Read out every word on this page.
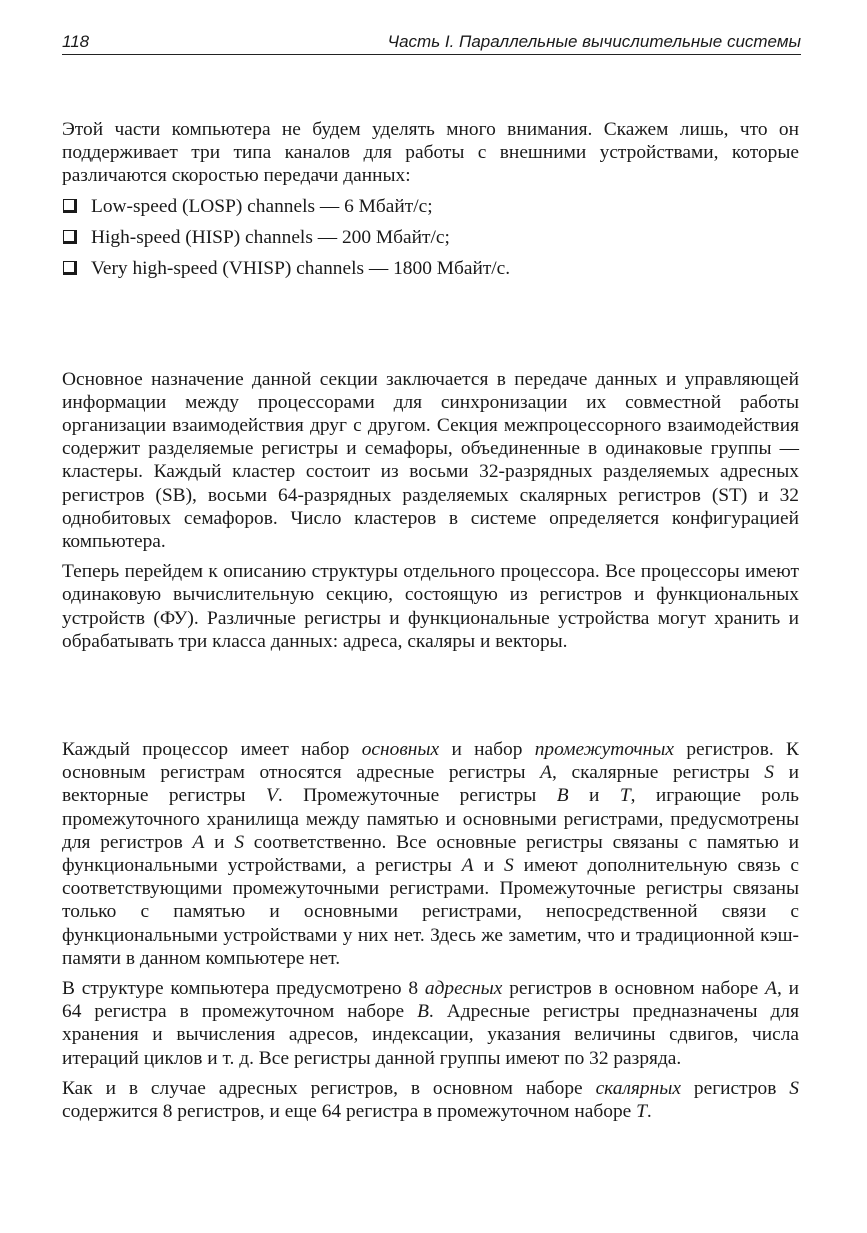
118	Часть I. Параллельные вычислительные системы

Этой части компьютера не будем уделять много внимания. Скажем лишь, что он поддерживает три типа каналов для работы с внешними устройствами, которые различаются скоростью передачи данных:

Low-speed (LOSP) channels — 6 Мбайт/с;
High-speed (HISP) channels — 200 Мбайт/с;
Very high-speed (VHISP) channels — 1800 Мбайт/с.

Основное назначение данной секции заключается в передаче данных и управляющей информации между процессорами для синхронизации их совместной работы организации взаимодействия друг с другом. Секция межпроцессорного взаимодействия содержит разделяемые регистры и семафоры, объединенные в одинаковые группы — кластеры. Каждый кластер состоит из восьми 32-разрядных разделяемых адресных регистров (SB), восьми 64-разрядных разделяемых скалярных регистров (ST) и 32 однобитовых семафоров. Число кластеров в системе определяется конфигурацией компьютера.

Теперь перейдем к описанию структуры отдельного процессора. Все процессоры имеют одинаковую вычислительную секцию, состоящую из регистров и функциональных устройств (ФУ). Различные регистры и функциональные устройства могут хранить и обрабатывать три класса данных: адреса, скаляры и векторы.

Каждый процессор имеет набор основных и набор промежуточных регистров. К основным регистрам относятся адресные регистры A, скалярные регистры S и векторные регистры V. Промежуточные регистры B и T, играющие роль промежуточного хранилища между памятью и основными регистрами, предусмотрены для регистров A и S соответственно. Все основные регистры связаны с памятью и функциональными устройствами, а регистры A и S имеют дополнительную связь с соответствующими промежуточными регистрами. Промежуточные регистры связаны только с памятью и основными регистрами, непосредственной связи с функциональными устройствами у них нет. Здесь же заметим, что и традиционной кэш-памяти в данном компьютере нет.

В структуре компьютера предусмотрено 8 адресных регистров в основном наборе A, и 64 регистра в промежуточном наборе B. Адресные регистры предназначены для хранения и вычисления адресов, индексации, указания величины сдвигов, числа итераций циклов и т. д. Все регистры данной группы имеют по 32 разряда.

Как и в случае адресных регистров, в основном наборе скалярных регистров S содержится 8 регистров, и еще 64 регистра в промежуточном наборе T.
